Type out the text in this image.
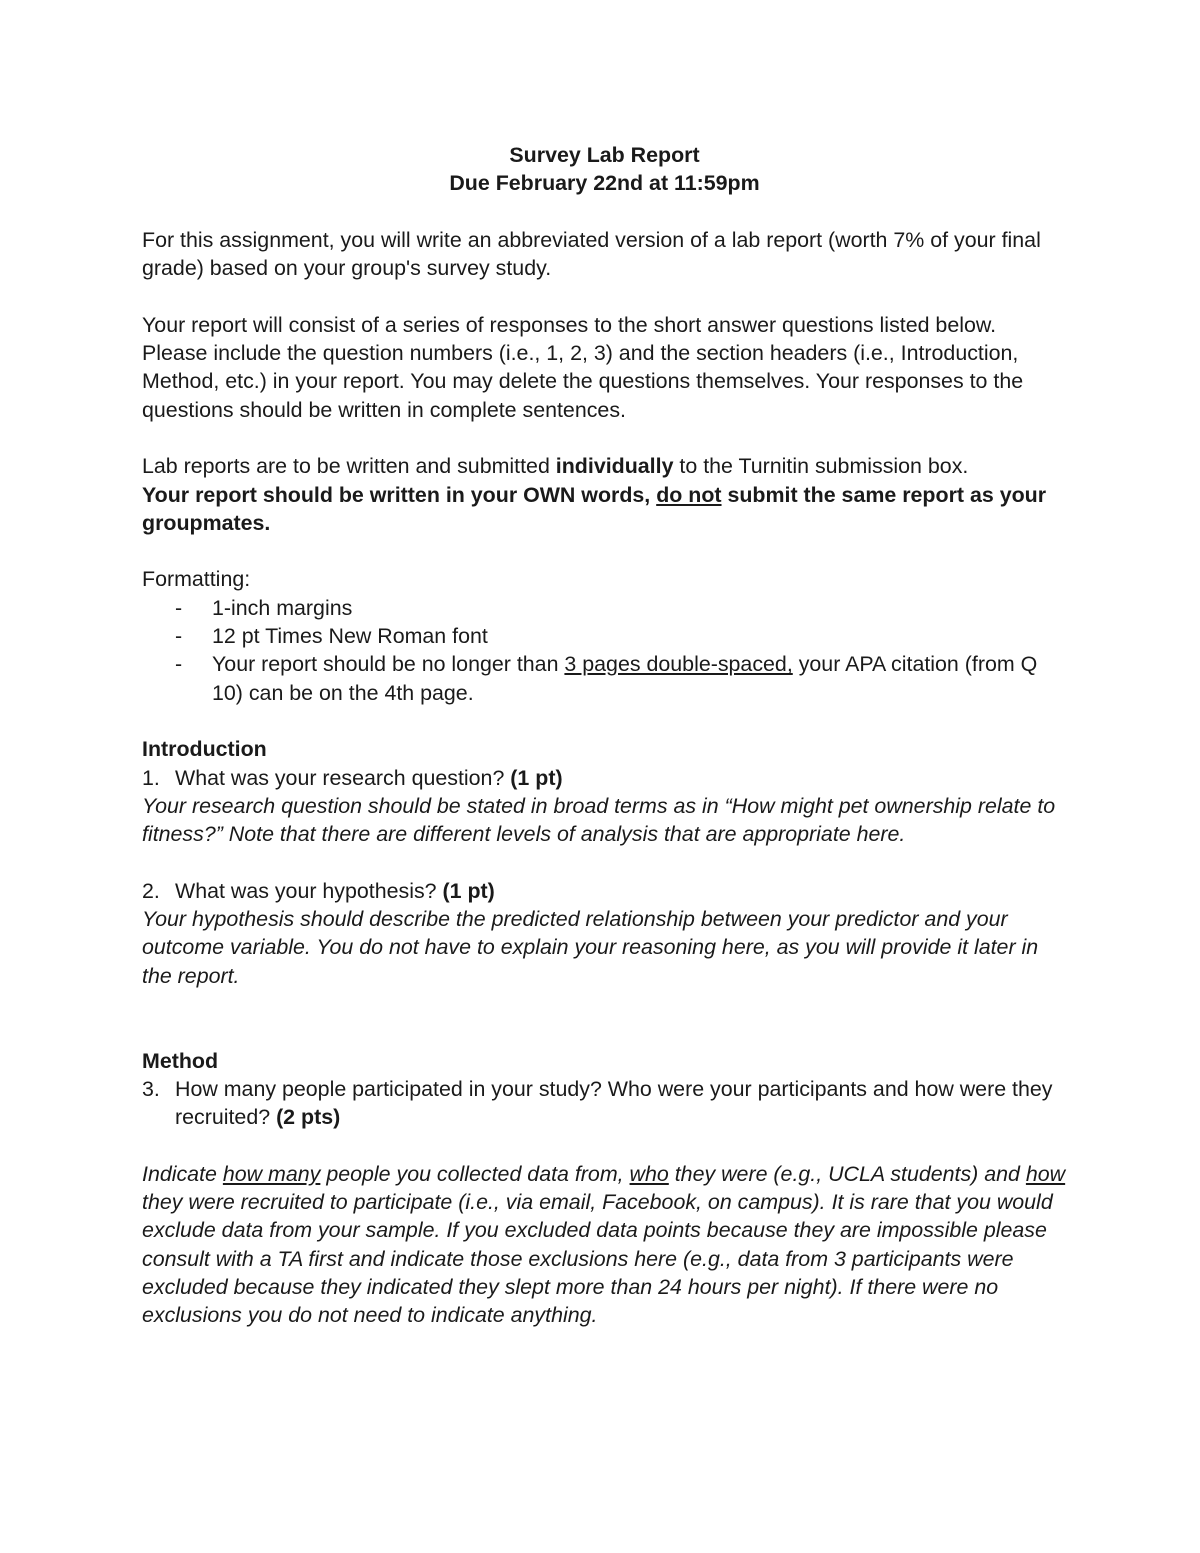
Survey Lab Report

Due February 22nd at 11:59pm

For this assignment, you will write an abbreviated version of a lab report (worth 7% of your final grade) based on your group's survey study.

Your report will consist of a series of responses to the short answer questions listed below. Please include the question numbers (i.e., 1, 2, 3) and the section headers (i.e., Introduction, Method, etc.) in your report. You may delete the questions themselves. Your responses to the questions should be written in complete sentences.

Lab reports are to be written and submitted individually to the Turnitin submission box.
Your report should be written in your OWN words, do not submit the same report as your groupmates.

Formatting:

- 1-inch margins
- 12 pt Times New Roman font
- Your report should be no longer than 3 pages double-spaced, your APA citation (from Q 10) can be on the 4th page.

Introduction

1. What was your research question? (1 pt)

Your research question should be stated in broad terms as in “How might pet ownership relate to fitness?” Note that there are different levels of analysis that are appropriate here.

2. What was your hypothesis? (1 pt)

Your hypothesis should describe the predicted relationship between your predictor and your outcome variable. You do not have to explain your reasoning here, as you will provide it later in the report.

Method

3. How many people participated in your study? Who were your participants and how were they recruited? (2 pts)

Indicate how many people you collected data from, who they were (e.g., UCLA students) and how they were recruited to participate (i.e., via email, Facebook, on campus). It is rare that you would exclude data from your sample. If you excluded data points because they are impossible please consult with a TA first and indicate those exclusions here (e.g., data from 3 participants were excluded because they indicated they slept more than 24 hours per night). If there were no exclusions you do not need to indicate anything.
